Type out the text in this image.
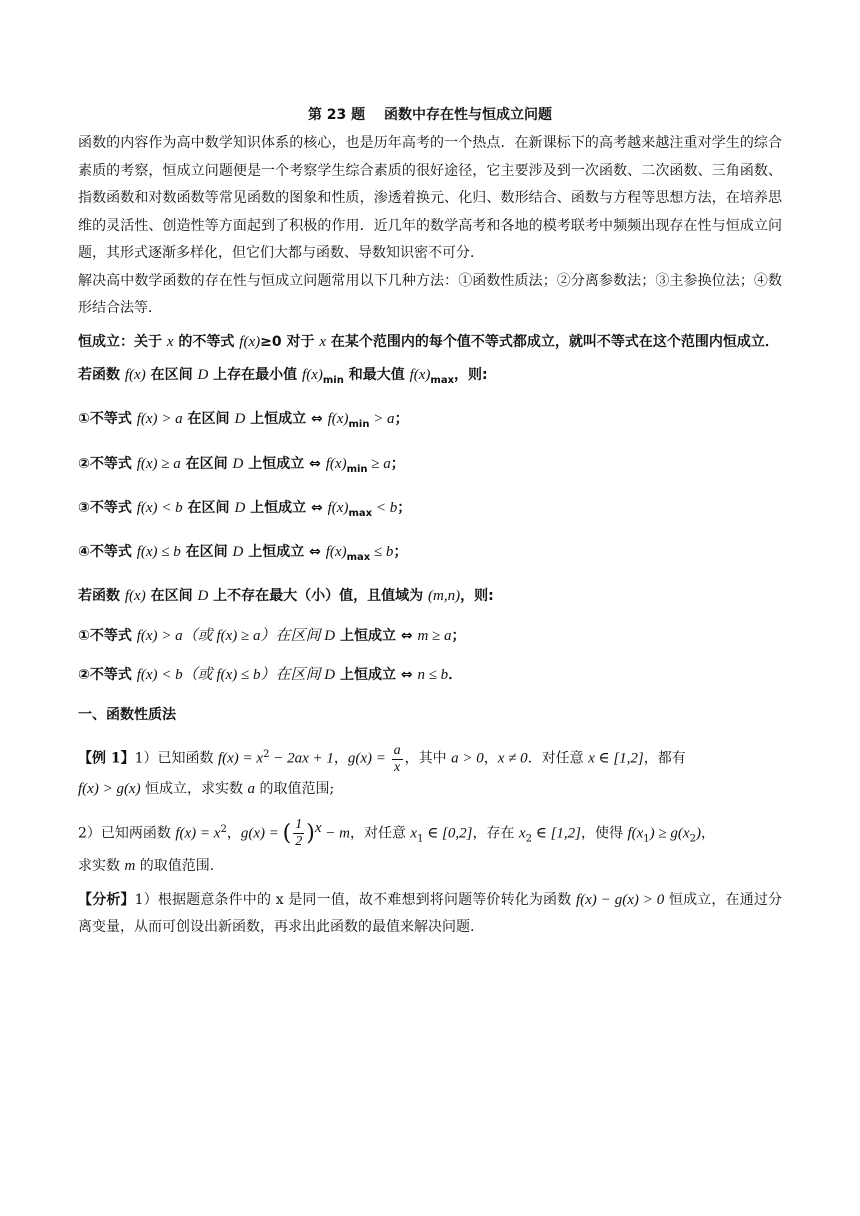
第 23 题　 函数中存在性与恒成立问题

函数的内容作为高中数学知识体系的核心，也是历年高考的一个热点．在新课标下的高考越来越注重对学生的综合素质的考察，恒成立问题便是一个考察学生综合素质的很好途径，它主要涉及到一次函数、二次函数、三角函数、指数函数和对数函数等常见函数的图象和性质，渗透着换元、化归、数形结合、函数与方程等思想方法，在培养思维的灵活性、创造性等方面起到了积极的作用．近几年的数学高考和各地的模考联考中频频出现存在性与恒成立问题，其形式逐渐多样化，但它们大都与函数、导数知识密不可分．

解决高中数学函数的存在性与恒成立问题常用以下几种方法：①函数性质法；②分离参数法；③主参换位法；④数形结合法等．

恒成立：关于 x 的不等式 f(x)≥0 对于 x 在某个范围内的每个值不等式都成立，就叫不等式在这个范围内恒成立．

若函数 f(x) 在区间 D 上存在最小值 $f(x)_{min}$ 和最大值 $f(x)_{max}$，则:

①不等式 f(x) > a 在区间 D 上恒成立 ⇔ $f(x)_{min} > a$；

②不等式 f(x) ≥ a 在区间 D 上恒成立 ⇔ $f(x)_{min} \ge a$；

③不等式 f(x) < b 在区间 D 上恒成立 ⇔ $f(x)_{max} < b$；

④不等式 f(x) ≤ b 在区间 D 上恒成立 ⇔ $f(x)_{max} \le b$；

若函数 f(x) 在区间 D 上不存在最大（小）值，且值域为 (m,n)，则:

①不等式 f(x) > a（或 f(x) ≥ a）在区间 D 上恒成立 ⇔ m ≥ a；

②不等式 f(x) < b（或 f(x) ≤ b）在区间 D 上恒成立 ⇔ n ≤ b．

一、函数性质法

【例 1】1）已知函数 $f(x) = x^2 - 2ax + 1$，$g(x) = \frac{a}{x}$ ，其中 a > 0，x ≠ 0．对任意 x ∈ [1,2]，都有
f(x) > g(x) 恒成立，求实数 a 的取值范围;

2）已知两函数 $f(x) = x^2$，g(x) = ( $\frac{1}{2} )^x - m$，对任意 $x_1$ ∈ [0,2]，存在 $x_2$ ∈ [1,2]，使得 $f(x_1) \ge g(x_2)$，
求实数 m 的取值范围.

【分析】1）根据题意条件中的 x 是同一值，故不难想到将问题等价转化为函数 f(x) − g(x) > 0 恒成立，在通过分离变量，从而可创设出新函数，再求出此函数的最值来解决问题.
